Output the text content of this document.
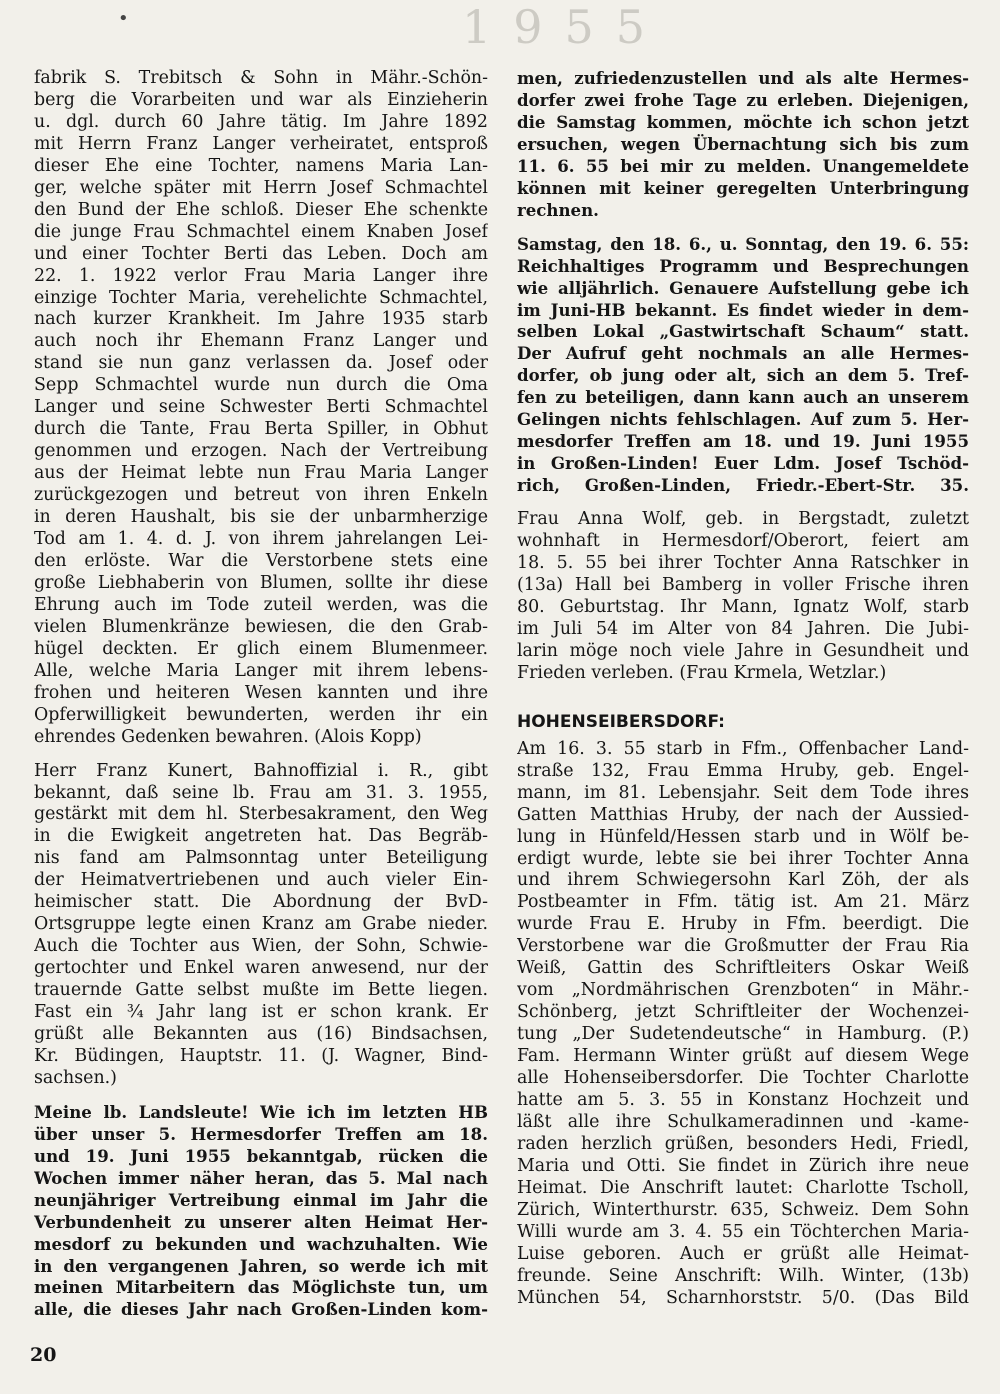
•	1955
fabrik S. Trebitsch & Sohn in Mähr.-Schön-
berg die Vorarbeiten und war als Einzieherin
u. dgl. durch 60 Jahre tätig. Im Jahre 1892
mit Herrn Franz Langer verheiratet, entsproß
dieser Ehe eine Tochter, namens Maria Lan-
ger, welche später mit Herrn Josef Schmachtel
den Bund der Ehe schloß. Dieser Ehe schenkte
die junge Frau Schmachtel einem Knaben Josef
und einer Tochter Berti das Leben. Doch am
22. 1. 1922 verlor Frau Maria Langer ihre
einzige Tochter Maria, verehelichte Schmachtel,
nach kurzer Krankheit. Im Jahre 1935 starb
auch noch ihr Ehemann Franz Langer und
stand sie nun ganz verlassen da. Josef oder
Sepp Schmachtel wurde nun durch die Oma
Langer und seine Schwester Berti Schmachtel
durch die Tante, Frau Berta Spiller, in Obhut
genommen und erzogen. Nach der Vertreibung
aus der Heimat lebte nun Frau Maria Langer
zurückgezogen und betreut von ihren Enkeln
in deren Haushalt, bis sie der unbarmherzige
Tod am 1. 4. d. J. von ihrem jahrelangen Lei-
den erlöste. War die Verstorbene stets eine
große Liebhaberin von Blumen, sollte ihr diese
Ehrung auch im Tode zuteil werden, was die
vielen Blumenkränze bewiesen, die den Grab-
hügel deckten. Er glich einem Blumenmeer.
Alle, welche Maria Langer mit ihrem lebens-
frohen und heiteren Wesen kannten und ihre
Opferwilligkeit bewunderten, werden ihr ein
ehrendes Gedenken bewahren. (Alois Kopp)
Herr Franz Kunert, Bahnoffizial i. R., gibt
bekannt, daß seine lb. Frau am 31. 3. 1955,
gestärkt mit dem hl. Sterbesakrament, den Weg
in die Ewigkeit angetreten hat. Das Begräb-
nis fand am Palmsonntag unter Beteiligung
der Heimatvertriebenen und auch vieler Ein-
heimischer statt. Die Abordnung der BvD-
Ortsgruppe legte einen Kranz am Grabe nieder.
Auch die Tochter aus Wien, der Sohn, Schwie-
gertochter und Enkel waren anwesend, nur der
trauernde Gatte selbst mußte im Bette liegen.
Fast ein ¾ Jahr lang ist er schon krank. Er
grüßt alle Bekannten aus (16) Bindsachsen,
Kr. Büdingen, Hauptstr. 11. (J. Wagner, Bind-
sachsen.)
Meine lb. Landsleute! Wie ich im letzten HB
über unser 5. Hermesdorfer Treffen am 18.
und 19. Juni 1955 bekanntgab, rücken die
Wochen immer näher heran, das 5. Mal nach
neunjähriger Vertreibung einmal im Jahr die
Verbundenheit zu unserer alten Heimat Her-
mesdorf zu bekunden und wachzuhalten. Wie
in den vergangenen Jahren, so werde ich mit
meinen Mitarbeitern das Möglichste tun, um
alle, die dieses Jahr nach Großen-Linden kom-
men, zufriedenzustellen und als alte Hermes-
dorfer zwei frohe Tage zu erleben. Diejenigen,
die Samstag kommen, möchte ich schon jetzt
ersuchen, wegen Übernachtung sich bis zum
11. 6. 55 bei mir zu melden. Unangemeldete
können mit keiner geregelten Unterbringung
rechnen.
Samstag, den 18. 6., u. Sonntag, den 19. 6. 55:
Reichhaltiges Programm und Besprechungen
wie alljährlich. Genauere Aufstellung gebe ich
im Juni-HB bekannt. Es findet wieder in dem-
selben Lokal „Gastwirtschaft Schaum“ statt.
Der Aufruf geht nochmals an alle Hermes-
dorfer, ob jung oder alt, sich an dem 5. Tref-
fen zu beteiligen, dann kann auch an unserem
Gelingen nichts fehlschlagen. Auf zum 5. Her-
mesdorfer Treffen am 18. und 19. Juni 1955
in Großen-Linden! Euer Ldm. Josef Tschöd-
rich, Großen-Linden, Friedr.-Ebert-Str. 35.
Frau Anna Wolf, geb. in Bergstadt, zuletzt
wohnhaft in Hermesdorf/Oberort, feiert am
18. 5. 55 bei ihrer Tochter Anna Ratschker in
(13a) Hall bei Bamberg in voller Frische ihren
80. Geburtstag. Ihr Mann, Ignatz Wolf, starb
im Juli 54 im Alter von 84 Jahren. Die Jubi-
larin möge noch viele Jahre in Gesundheit und
Frieden verleben. (Frau Krmela, Wetzlar.)
HOHENSEIBERSDORF:
Am 16. 3. 55 starb in Ffm., Offenbacher Land-
straße 132, Frau Emma Hruby, geb. Engel-
mann, im 81. Lebensjahr. Seit dem Tode ihres
Gatten Matthias Hruby, der nach der Aussied-
lung in Hünfeld/Hessen starb und in Wölf be-
erdigt wurde, lebte sie bei ihrer Tochter Anna
und ihrem Schwiegersohn Karl Zöh, der als
Postbeamter in Ffm. tätig ist. Am 21. März
wurde Frau E. Hruby in Ffm. beerdigt. Die
Verstorbene war die Großmutter der Frau Ria
Weiß, Gattin des Schriftleiters Oskar Weiß
vom „Nordmährischen Grenzboten“ in Mähr.-
Schönberg, jetzt Schriftleiter der Wochenzei-
tung „Der Sudetendeutsche“ in Hamburg. (P.)
Fam. Hermann Winter grüßt auf diesem Wege
alle Hohenseibersdorfer. Die Tochter Charlotte
hatte am 5. 3. 55 in Konstanz Hochzeit und
läßt alle ihre Schulkameradinnen und -kame-
raden herzlich grüßen, besonders Hedi, Friedl,
Maria und Otti. Sie findet in Zürich ihre neue
Heimat. Die Anschrift lautet: Charlotte Tscholl,
Zürich, Winterthurstr. 635, Schweiz. Dem Sohn
Willi wurde am 3. 4. 55 ein Töchterchen Maria-
Luise geboren. Auch er grüßt alle Heimat-
freunde. Seine Anschrift: Wilh. Winter, (13b)
München 54, Scharnhorststr. 5/0. (Das Bild
20
